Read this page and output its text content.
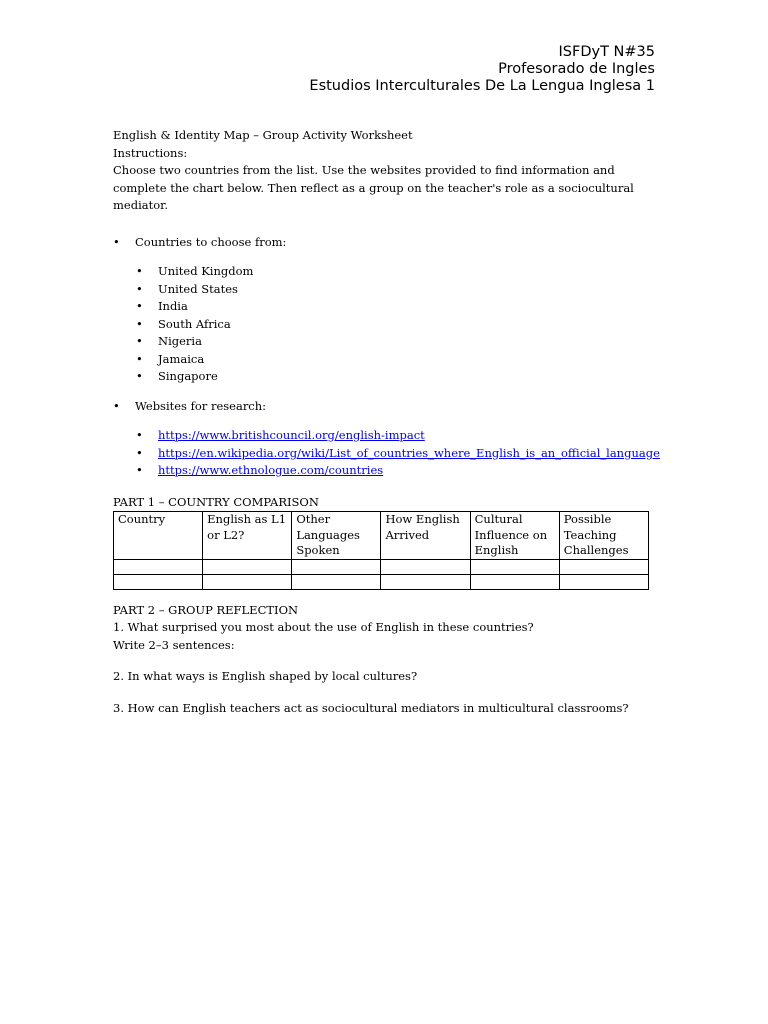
ISFDyT N#35
Profesorado de Ingles
Estudios Interculturales De La Lengua Inglesa 1

English & Identity Map – Group Activity Worksheet

Instructions:

Choose two countries from the list. Use the websites provided to find information and complete the chart below. Then reflect as a group on the teacher's role as a sociocultural mediator.

• Countries to choose from:
• United Kingdom
• United States
• India
• South Africa
• Nigeria
• Jamaica
• Singapore
• Websites for research:
• https://www.britishcouncil.org/english-impact
• https://en.wikipedia.org/wiki/List_of_countries_where_English_is_an_official_language
• https://www.ethnologue.com/countries

PART 1 – COUNTRY COMPARISON

Country	English as L1 or L2?	Other Languages Spoken	How English Arrived	Cultural Influence on English	Possible Teaching Challenges

PART 2 – GROUP REFLECTION

1. What surprised you most about the use of English in these countries?

Write 2–3 sentences:

2. In what ways is English shaped by local cultures?

3. How can English teachers act as sociocultural mediators in multicultural classrooms?
